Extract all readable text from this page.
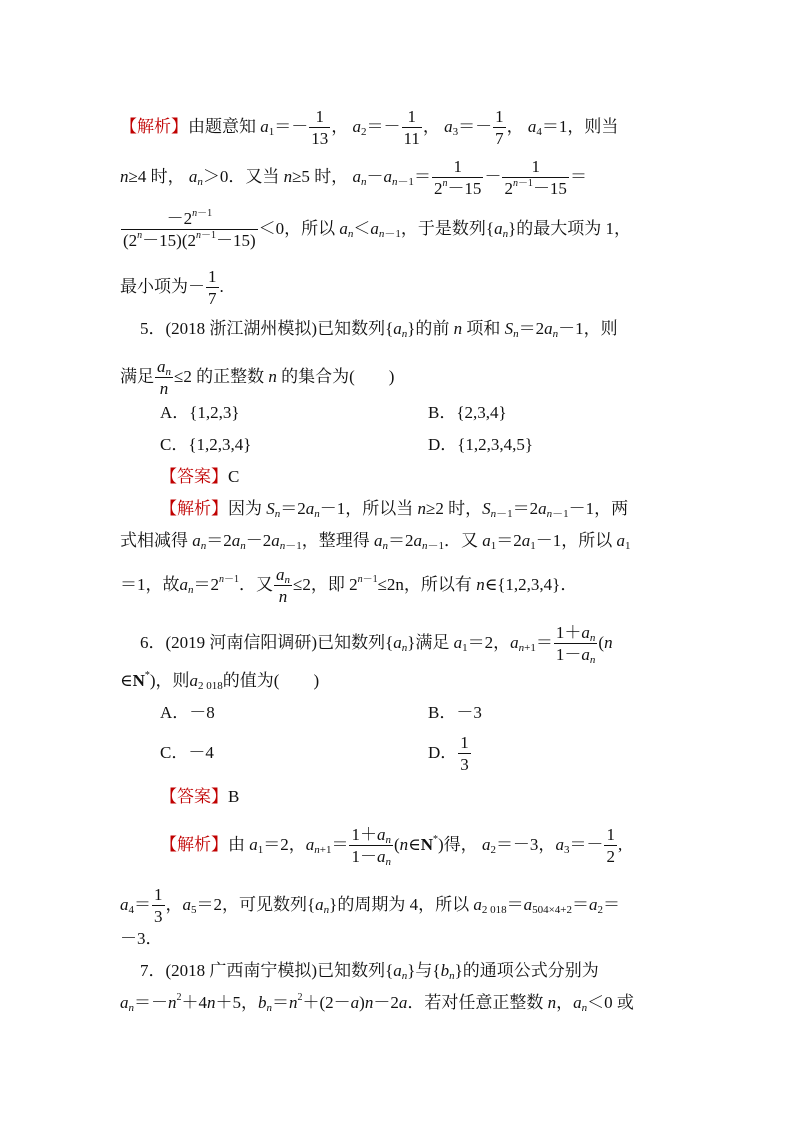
【解析】由题意知 $a_1=- \frac{1}{13}$ ， $a_2=- \frac{1}{11}$ ， $a_3=- \frac{1}{7}$ ， $a_4=1$，则当
n≥4 时， $a_n>0$．又当 n≥5 时， $a_n-a_{n-1}= \frac{1}{2^n-15} - \frac{1}{2^{n-1}-15}$ ＝
$\frac{-2^{n-1}}{(2^n-15)(2^{n-1}-15)} <0$，所以 $a_n<a_{n-1}$，于是数列$\{a_n\}$的最大项为 1，
最小项为－ $\frac{1}{7}$ .
5．(2018 浙江湖州模拟)已知数列$\{a_n\}$的前 n 项和 $S_n=2a_n-1$，则
满足 $\frac{a_n}{n} \le 2$ 的正整数 n 的集合为(　　)
A．{1,2,3}	B．{2,3,4}
C．{1,2,3,4}	D．{1,2,3,4,5}
【答案】C
【解析】因为 $S_n=2a_n-1$，所以当 n≥2 时，$S_{n-1}=2a_{n-1}-1$，两
式相减得 $a_n=2a_n-2a_{n-1}$，整理得 $a_n=2a_{n-1}$．又 $a_1=2a_1-1$，所以 $a_1$
＝1，故$a_n=2^{n-1}$．又 $\frac{a_n}{n} \le 2$，即 $2^{n-1}\le 2n$，所以有 n∈{1,2,3,4}．
6．(2019 河南信阳调研)已知数列$\{a_n\}$满足 $a_1=2$，$a_{n+1}= \frac{1+a_n}{1-a_n} (n$
∈N*)，则$a_{2 018}$的值为(　　)
A．－8	B．－3
C．－4	D． $\frac{1}{3}$
【答案】B
【解析】由 $a_1=2$，$a_{n+1}= \frac{1+a_n}{1-a_n}$ (n∈N*)得， $a_2=-3$，$a_3=- \frac{1}{2}$ ,
$a_4= \frac{1}{3}$ ，$a_5=2$，可见数列$\{a_n\}$的周期为 4，所以 $a_{2 018}=a_{504\times 4+2}=a_2=$
－3．
7．(2018 广西南宁模拟)已知数列$\{a_n\}$与$\{b_n\}$的通项公式分别为
$a_n=-n^2+4n+5$，$b_n=n^2+(2-a)n-2a$．若对任意正整数 n，$a_n<0$ 或
